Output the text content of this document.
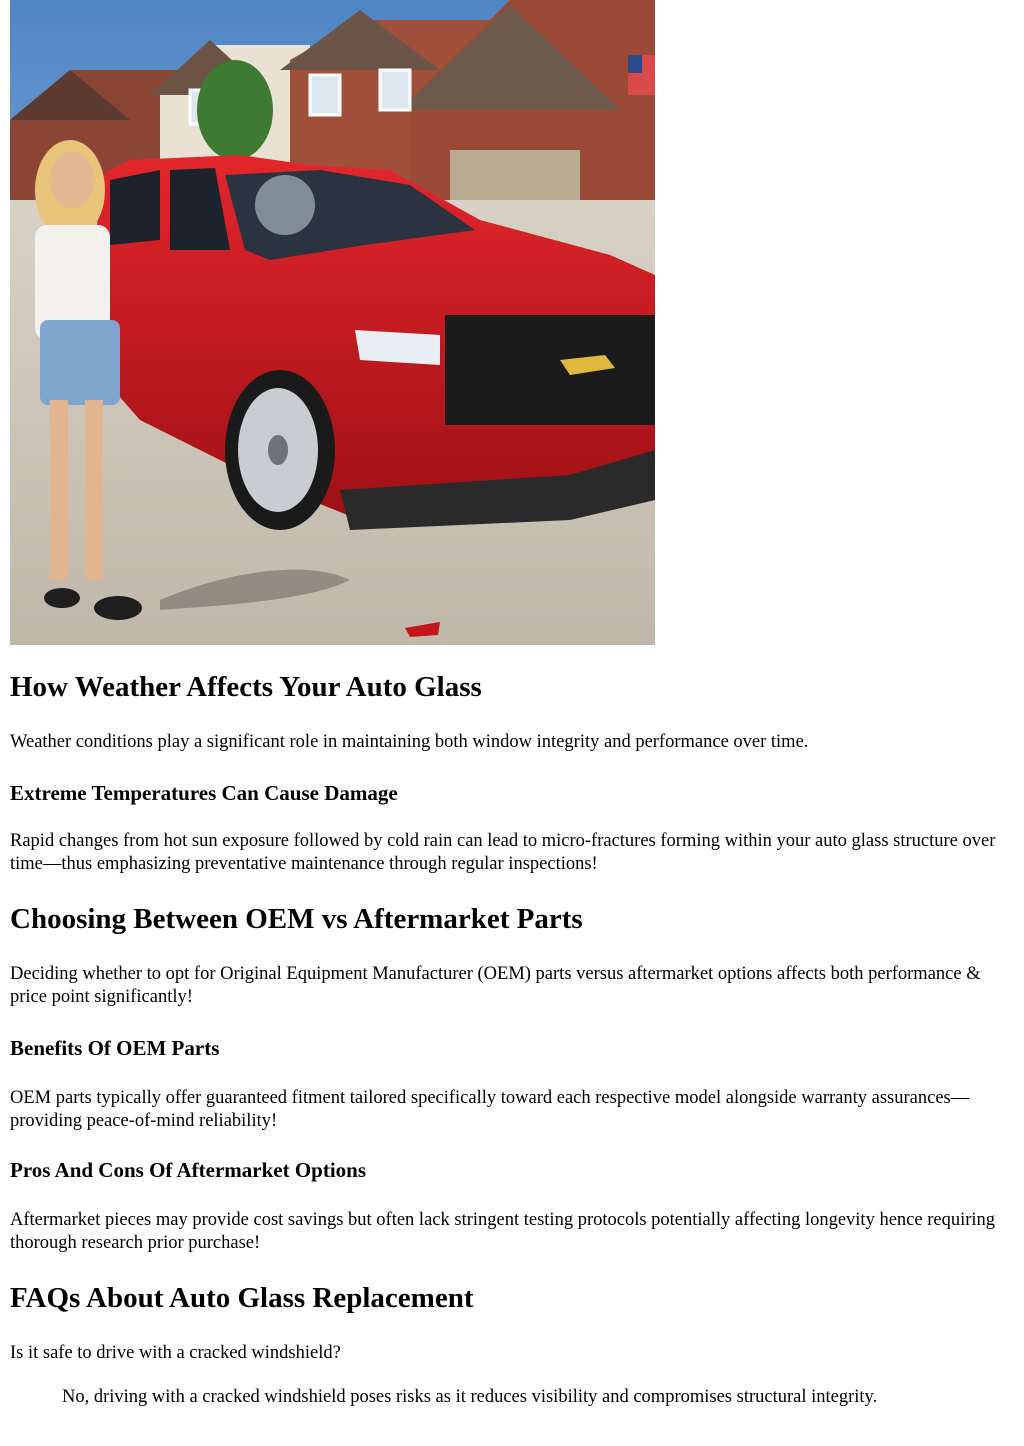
How Weather Affects Your Auto Glass

Weather conditions play a significant role in maintaining both window integrity and performance over time.

Extreme Temperatures Can Cause Damage

Rapid changes from hot sun exposure followed by cold rain can lead to micro-fractures forming within your auto glass structure over time—thus emphasizing preventative maintenance through regular inspections!

Choosing Between OEM vs Aftermarket Parts

Deciding whether to opt for Original Equipment Manufacturer (OEM) parts versus aftermarket options affects both performance & price point significantly!

Benefits Of OEM Parts

OEM parts typically offer guaranteed fitment tailored specifically toward each respective model alongside warranty assurances—providing peace-of-mind reliability!

Pros And Cons Of Aftermarket Options

Aftermarket pieces may provide cost savings but often lack stringent testing protocols potentially affecting longevity hence requiring thorough research prior purchase!

FAQs About Auto Glass Replacement

Is it safe to drive with a cracked windshield?

No, driving with a cracked windshield poses risks as it reduces visibility and compromises structural integrity.
